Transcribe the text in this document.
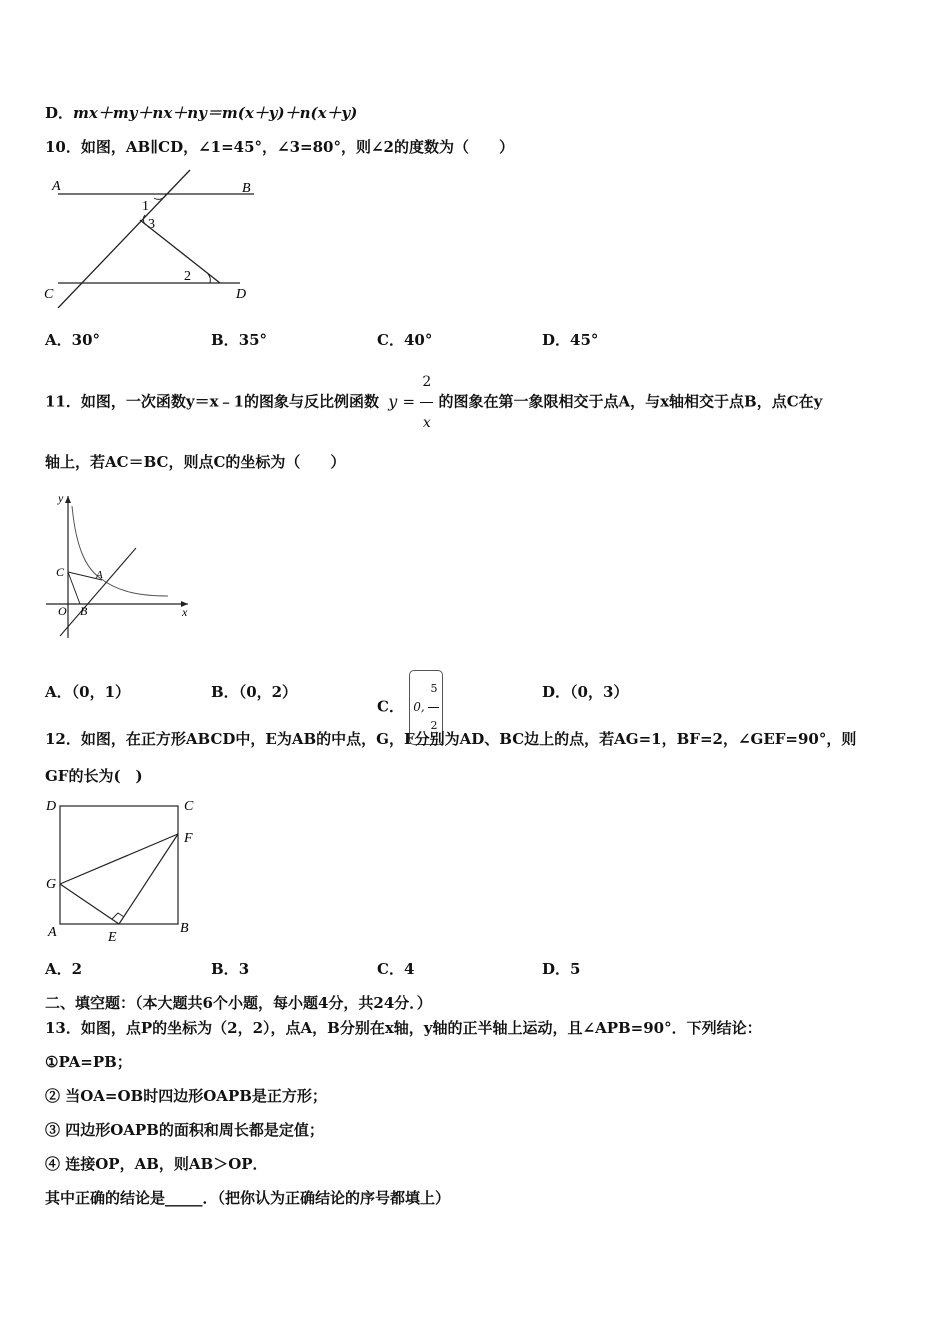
D．mx＋my＋nx＋ny＝m(x＋y)＋n(x＋y)
10．如图，AB∥CD，∠1=45°，∠3=80°，则∠2的度数为（　　）
A	B
C	D
1
3
2
A．30°	B．35°	C．40°	D．45°
11．如图，一次函数y＝x﹣1的图象与反比例函数 $y = \frac{2}{x}$ 的图象在第一象限相交于点A，与x轴相交于点B，点C在y
轴上，若AC＝BC，则点C的坐标为（　　）
y
x
C	A
O B
A．（0，1）	B．（0，2）
C． 0, $\frac{5}{2}$	D．（0，3）
12．如图，在正方形ABCD中，E为AB的中点，G，F分别为AD、BC边上的点，若AG=1，BF=2，∠GEF=90°，则
GF的长为(　)
D	C
F
G
A	E
B
A．2	B．3	C．4	D．5
二、填空题：（本大题共6个小题，每小题4分，共24分．）
13．如图，点P的坐标为（2，2），点A，B分别在x轴，y轴的正半轴上运动，且∠APB=90°．下列结论：
①PA=PB；
② 当OA=OB时四边形OAPB是正方形；
③ 四边形OAPB的面积和周长都是定值；
④ 连接OP，AB，则AB＞OP．
其中正确的结论是_____．（把你认为正确结论的序号都填上）
